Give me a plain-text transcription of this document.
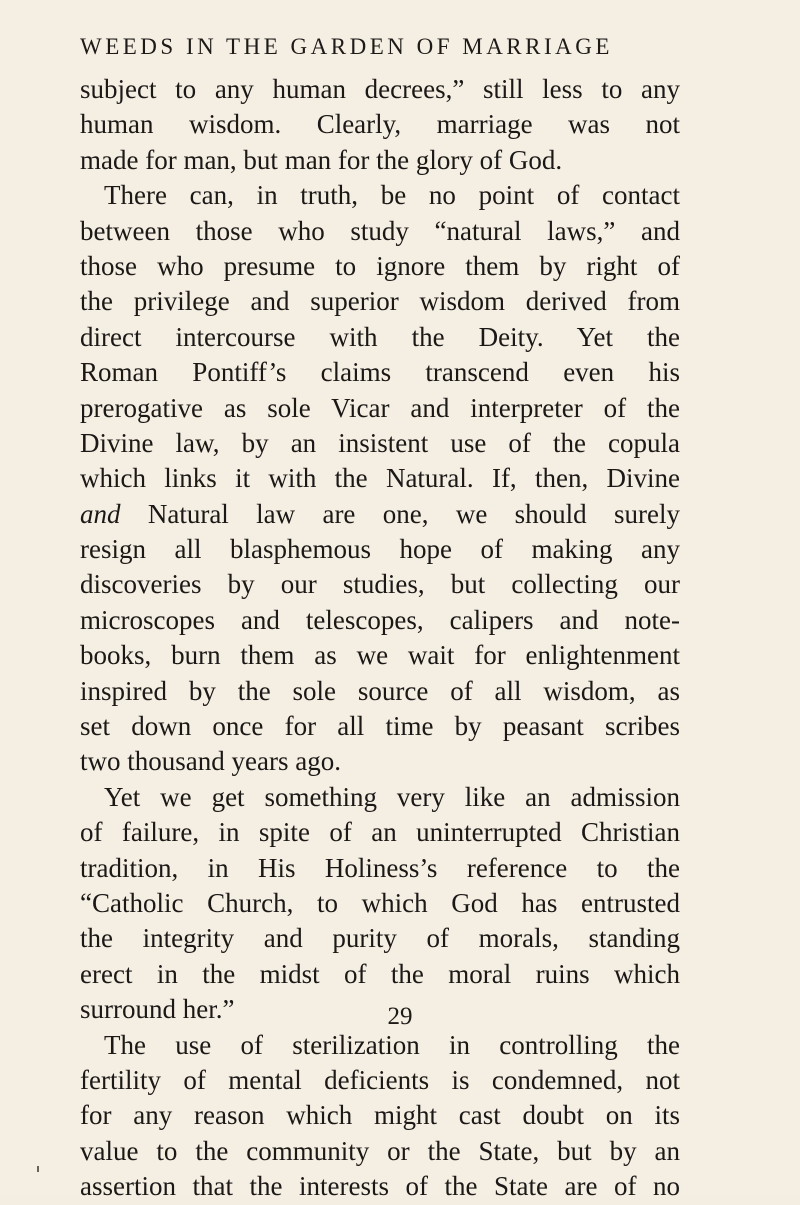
WEEDS IN THE GARDEN OF MARRIAGE
subject to any human decrees,” still less to any
human wisdom. Clearly, marriage was not
made for man, but man for the glory of God.
There can, in truth, be no point of contact
between those who study “natural laws,” and
those who presume to ignore them by right of
the privilege and superior wisdom derived from
direct intercourse with the Deity. Yet the
Roman Pontiff’s claims transcend even his
prerogative as sole Vicar and interpreter of the
Divine law, by an insistent use of the copula
which links it with the Natural. If, then, Divine
and Natural law are one, we should surely
resign all blasphemous hope of making any
discoveries by our studies, but collecting our
microscopes and telescopes, calipers and note-
books, burn them as we wait for enlightenment
inspired by the sole source of all wisdom, as
set down once for all time by peasant scribes
two thousand years ago.
Yet we get something very like an admission
of failure, in spite of an uninterrupted Christian
tradition, in His Holiness’s reference to the
“Catholic Church, to which God has entrusted
the integrity and purity of morals, standing
erect in the midst of the moral ruins which
surround her.”
The use of sterilization in controlling the
fertility of mental deficients is condemned, not
for any reason which might cast doubt on its
value to the community or the State, but by an
assertion that the interests of the State are of no
29
